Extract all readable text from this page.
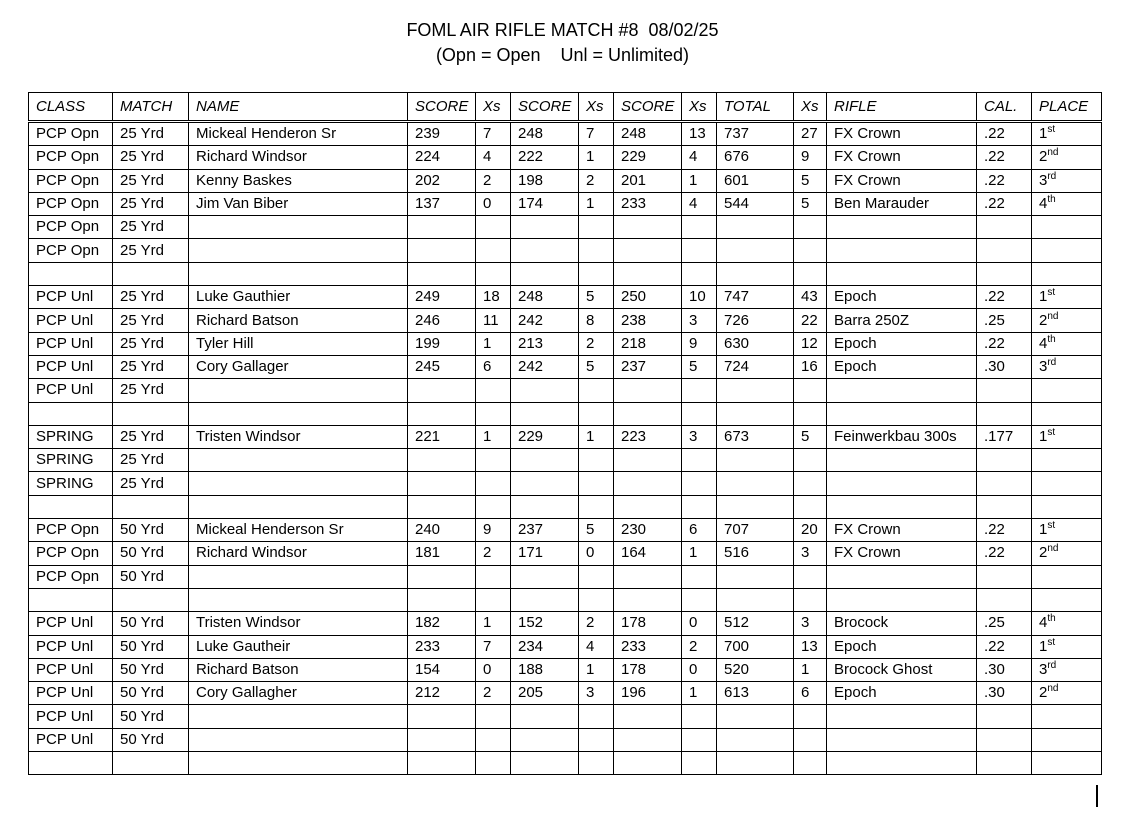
FOML AIR RIFLE MATCH #8  08/02/25
(Opn = Open    Unl = Unlimited)
CLASS	MATCH	NAME	SCORE	Xs	SCORE	Xs	SCORE	Xs	TOTAL	Xs	RIFLE	CAL.	PLACE
PCP Opn	25 Yrd	Mickeal Henderon Sr	239	7	248	7	248	13	737	27	FX Crown	.22	1st
PCP Opn	25 Yrd	Richard Windsor	224	4	222	1	229	4	676	9	FX Crown	.22	2nd
PCP Opn	25 Yrd	Kenny Baskes	202	2	198	2	201	1	601	5	FX Crown	.22	3rd
PCP Opn	25 Yrd	Jim Van Biber	137	0	174	1	233	4	544	5	Ben Marauder	.22	4th
PCP Opn	25 Yrd												
PCP Opn	25 Yrd												

PCP Unl	25 Yrd	Luke Gauthier	249	18	248	5	250	10	747	43	Epoch	.22	1st
PCP Unl	25 Yrd	Richard Batson	246	11	242	8	238	3	726	22	Barra 250Z	.25	2nd
PCP Unl	25 Yrd	Tyler Hill	199	1	213	2	218	9	630	12	Epoch	.22	4th
PCP Unl	25 Yrd	Cory Gallager	245	6	242	5	237	5	724	16	Epoch	.30	3rd
PCP Unl	25 Yrd												

SPRING	25 Yrd	Tristen Windsor	221	1	229	1	223	3	673	5	Feinwerkbau 300s	.177	1st
SPRING	25 Yrd												
SPRING	25 Yrd												

PCP Opn	50 Yrd	Mickeal Henderson Sr	240	9	237	5	230	6	707	20	FX Crown	.22	1st
PCP Opn	50 Yrd	Richard Windsor	181	2	171	0	164	1	516	3	FX Crown	.22	2nd
PCP Opn	50 Yrd												

PCP Unl	50 Yrd	Tristen Windsor	182	1	152	2	178	0	512	3	Brocock	.25	4th
PCP Unl	50 Yrd	Luke Gautheir	233	7	234	4	233	2	700	13	Epoch	.22	1st
PCP Unl	50 Yrd	Richard Batson	154	0	188	1	178	0	520	1	Brocock Ghost	.30	3rd
PCP Unl	50 Yrd	Cory Gallagher	212	2	205	3	196	1	613	6	Epoch	.30	2nd
PCP Unl	50 Yrd												
PCP Unl	50 Yrd												
